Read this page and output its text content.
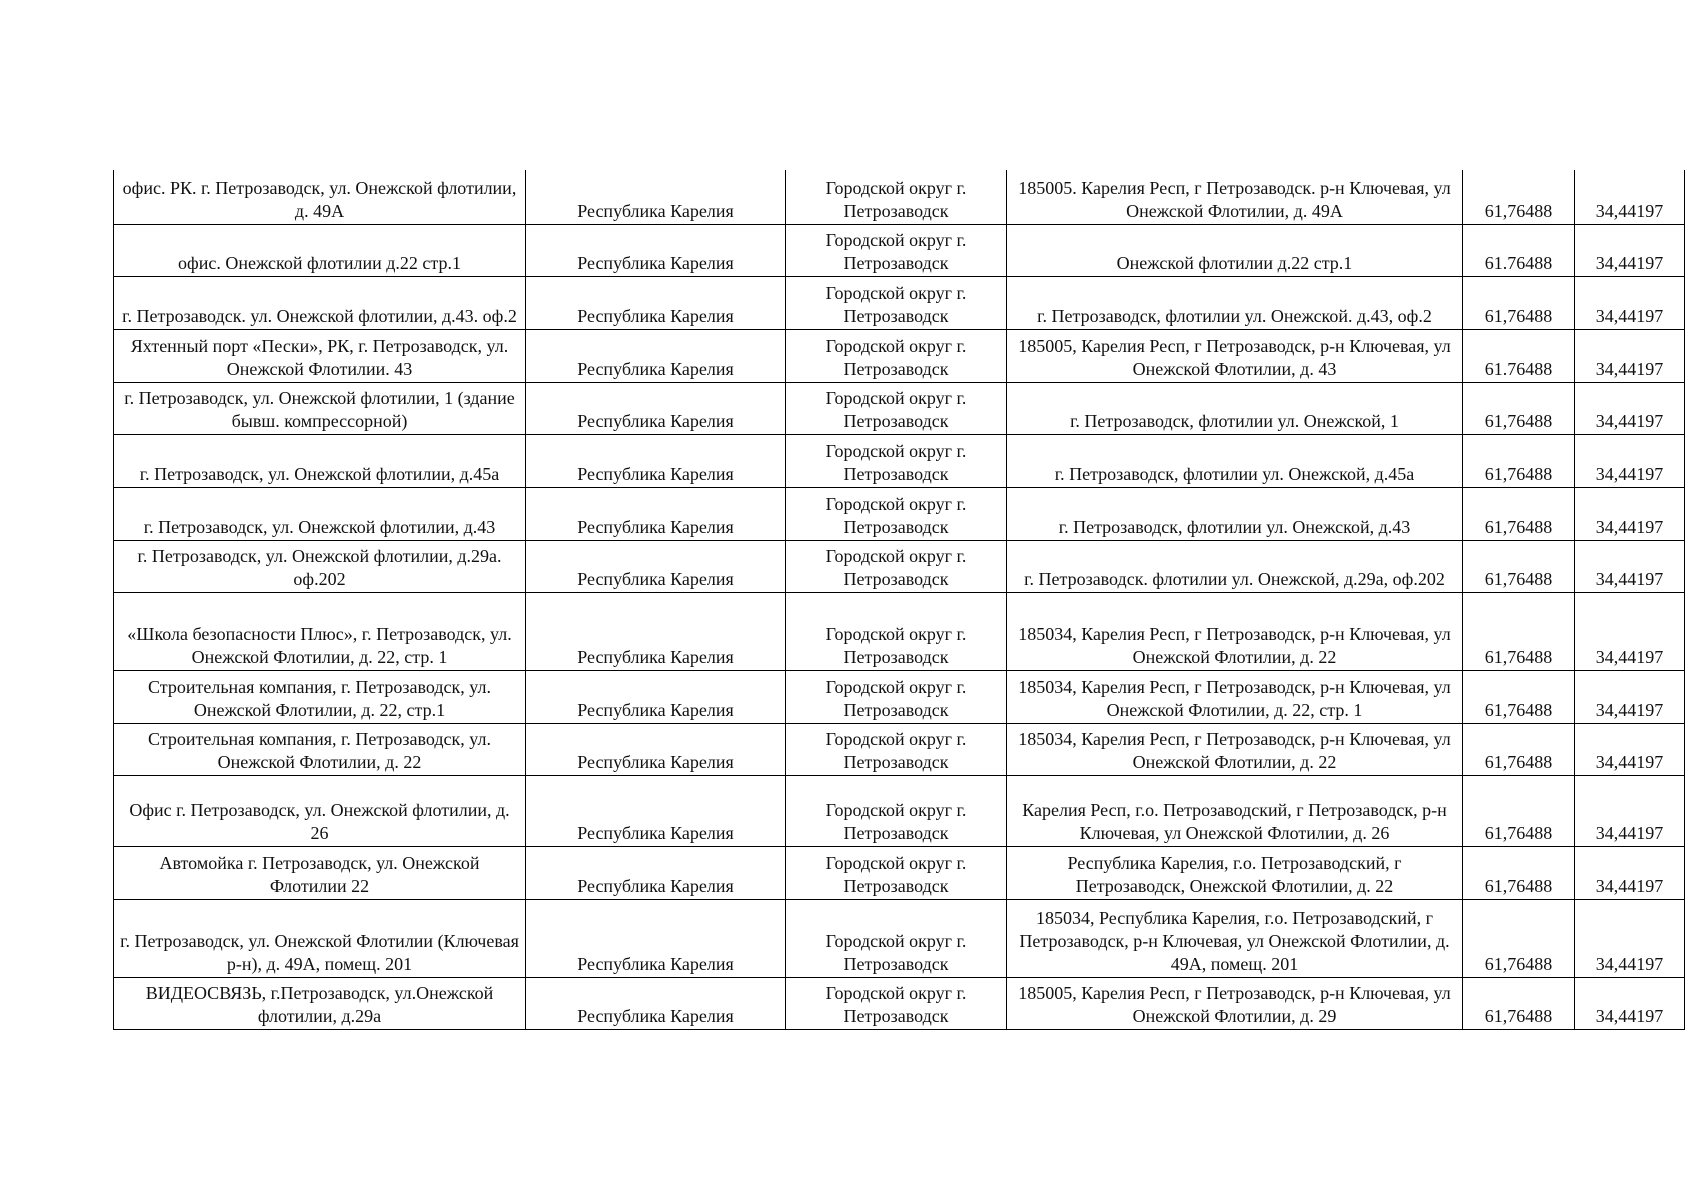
офис. РК. г. Петрозаводск, ул. Онежской флотилии, д. 49А	Республика Карелия	Городской округ г. Петрозаводск	185005. Карелия Респ, г Петрозаводск. р-н Ключевая, ул Онежской Флотилии, д. 49А	61,76488	34,44197
офис. Онежской флотилии д.22 стр.1	Республика Карелия	Городской округ г. Петрозаводск	Онежской флотилии д.22 стр.1	61.76488	34,44197
г. Петрозаводск. ул. Онежской флотилии, д.43. оф.2	Республика Карелия	Городской округ г. Петрозаводск	г. Петрозаводск, флотилии ул. Онежской. д.43, оф.2	61,76488	34,44197
Яхтенный порт «Пески», РК, г. Петрозаводск, ул. Онежской Флотилии. 43	Республика Карелия	Городской округ г. Петрозаводск	185005, Карелия Респ, г Петрозаводск, р-н Ключевая, ул Онежской Флотилии, д. 43	61.76488	34,44197
г. Петрозаводск, ул. Онежской флотилии, 1 (здание бывш. компрессорной)	Республика Карелия	Городской округ г. Петрозаводск	г. Петрозаводск, флотилии ул. Онежской, 1	61,76488	34,44197
г. Петрозаводск, ул. Онежской флотилии, д.45а	Республика Карелия	Городской округ г. Петрозаводск	г. Петрозаводск, флотилии ул. Онежской, д.45а	61,76488	34,44197
г. Петрозаводск, ул. Онежской флотилии, д.43	Республика Карелия	Городской округ г. Петрозаводск	г. Петрозаводск, флотилии ул. Онежской, д.43	61,76488	34,44197
г. Петрозаводск, ул. Онежской флотилии, д.29а. оф.202	Республика Карелия	Городской округ г. Петрозаводск	г. Петрозаводск. флотилии ул. Онежской, д.29а, оф.202	61,76488	34,44197
«Школа безопасности Плюс», г. Петрозаводск, ул. Онежской Флотилии, д. 22, стр. 1	Республика Карелия	Городской округ г. Петрозаводск	185034, Карелия Респ, г Петрозаводск, р-н Ключевая, ул Онежской Флотилии, д. 22	61,76488	34,44197
Строительная компания, г. Петрозаводск, ул. Онежской Флотилии, д. 22, стр.1	Республика Карелия	Городской округ г. Петрозаводск	185034, Карелия Респ, г Петрозаводск, р-н Ключевая, ул Онежской Флотилии, д. 22, стр. 1	61,76488	34,44197
Строительная компания, г. Петрозаводск, ул. Онежской Флотилии, д. 22	Республика Карелия	Городской округ г. Петрозаводск	185034, Карелия Респ, г Петрозаводск, р-н Ключевая, ул Онежской Флотилии, д. 22	61,76488	34,44197
Офис г. Петрозаводск, ул. Онежской флотилии, д. 26	Республика Карелия	Городской округ г. Петрозаводск	Карелия Респ, г.о. Петрозаводский, г Петрозаводск, р-н Ключевая, ул Онежской Флотилии, д. 26	61,76488	34,44197
Автомойка г. Петрозаводск, ул. Онежской Флотилии 22	Республика Карелия	Городской округ г. Петрозаводск	Республика Карелия, г.о. Петрозаводский, г Петрозаводск, Онежской Флотилии, д. 22	61,76488	34,44197
г. Петрозаводск, ул. Онежской Флотилии (Ключевая р-н), д. 49А, помещ. 201	Республика Карелия	Городской округ г. Петрозаводск	185034, Республика Карелия, г.о. Петрозаводский, г Петрозаводск, р-н Ключевая, ул Онежской Флотилии, д. 49А, помещ. 201	61,76488	34,44197
ВИДЕОСВЯЗЬ, г.Петрозаводск, ул.Онежской флотилии, д.29а	Республика Карелия	Городской округ г. Петрозаводск	185005, Карелия Респ, г Петрозаводск, р-н Ключевая, ул Онежской Флотилии, д. 29	61,76488	34,44197
